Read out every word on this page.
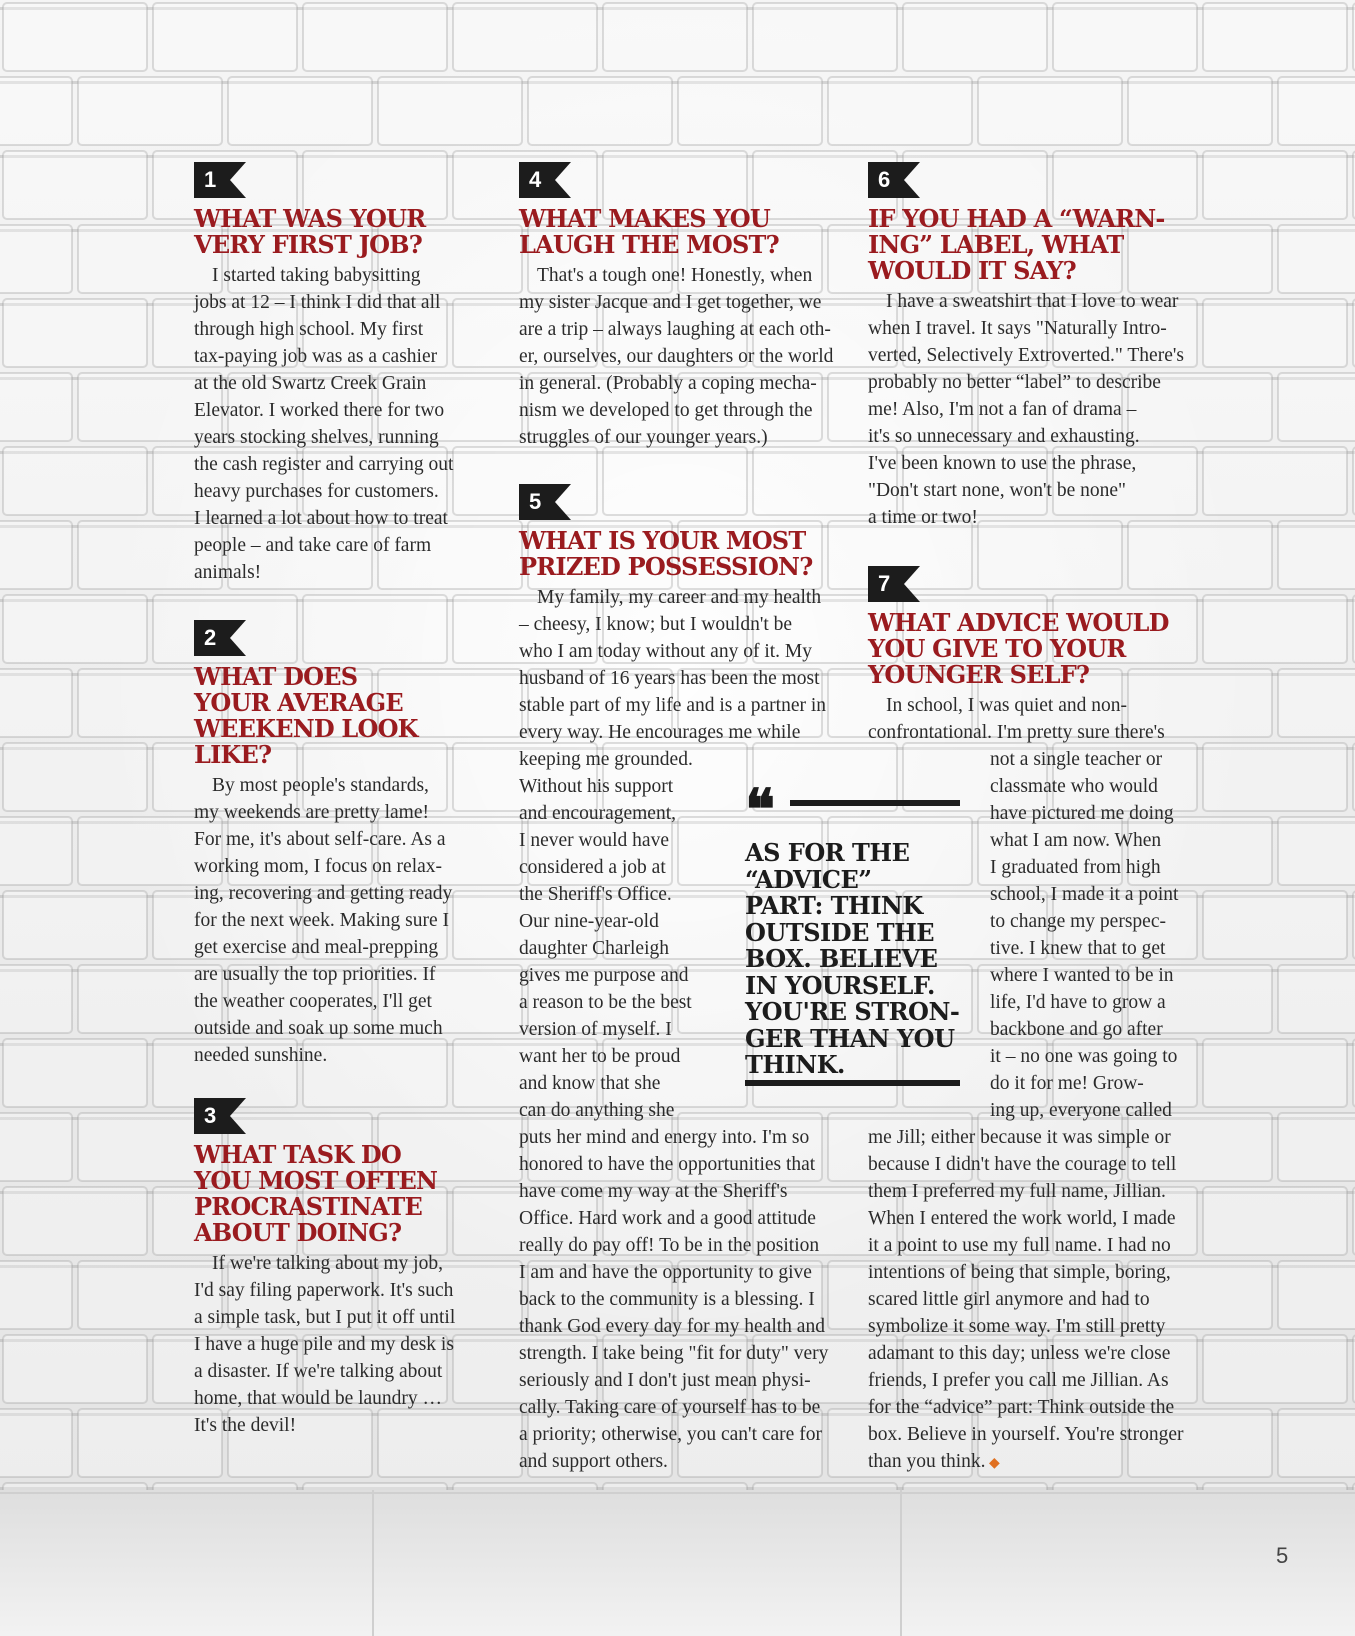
1
WHAT WAS YOUR VERY FIRST JOB?
I started taking babysitting
jobs at 12 – I think I did that all
through high school. My first
tax-paying job was as a cashier
at the old Swartz Creek Grain
Elevator. I worked there for two
years stocking shelves, running
the cash register and carrying out
heavy purchases for customers.
I learned a lot about how to treat
people – and take care of farm
animals!
2
WHAT DOES YOUR AVERAGE WEEKEND LOOK LIKE?
By most people's standards,
my weekends are pretty lame!
For me, it's about self-care. As a
working mom, I focus on relax-
ing, recovering and getting ready
for the next week. Making sure I
get exercise and meal-prepping
are usually the top priorities. If
the weather cooperates, I'll get
outside and soak up some much
needed sunshine.
3
WHAT TASK DO YOU MOST OFTEN PROCRASTINATE ABOUT DOING?
If we're talking about my job,
I'd say filing paperwork. It's such
a simple task, but I put it off until
I have a huge pile and my desk is
a disaster. If we're talking about
home, that would be laundry …
It's the devil!
4
WHAT MAKES YOU LAUGH THE MOST?
That's a tough one! Honestly, when
my sister Jacque and I get together, we
are a trip – always laughing at each oth-
er, ourselves, our daughters or the world
in general. (Probably a coping mecha-
nism we developed to get through the
struggles of our younger years.)
5
WHAT IS YOUR MOST PRIZED POSSESSION?
My family, my career and my health
– cheesy, I know; but I wouldn't be
who I am today without any of it. My
husband of 16 years has been the most
stable part of my life and is a partner in
every way. He encourages me while
keeping me grounded.
Without his support
and encouragement,
I never would have
considered a job at
the Sheriff's Office.
Our nine-year-old
daughter Charleigh
gives me purpose and
a reason to be the best
version of myself. I
want her to be proud
and know that she
can do anything she
puts her mind and energy into. I'm so
honored to have the opportunities that
have come my way at the Sheriff's
Office. Hard work and a good attitude
really do pay off! To be in the position
I am and have the opportunity to give
back to the community is a blessing. I
thank God every day for my health and
strength. I take being "fit for duty" very
seriously and I don't just mean physi-
cally. Taking care of yourself has to be
a priority; otherwise, you can't care for
and support others.
6
IF YOU HAD A “WARN-ING” LABEL, WHAT WOULD IT SAY?
I have a sweatshirt that I love to wear
when I travel. It says "Naturally Intro-
verted, Selectively Extroverted." There's
probably no better “label” to describe
me! Also, I'm not a fan of drama –
it's so unnecessary and exhausting.
I've been known to use the phrase,
"Don't start none, won't be none"
a time or two!
7
WHAT ADVICE WOULD YOU GIVE TO YOUR YOUNGER SELF?
In school, I was quiet and non-
confrontational. I'm pretty sure there's
not a single teacher or
classmate who would
have pictured me doing
what I am now. When
I graduated from high
school, I made it a point
to change my perspec-
tive. I knew that to get
where I wanted to be in
life, I'd have to grow a
backbone and go after
it – no one was going to
do it for me! Grow-
ing up, everyone called
me Jill; either because it was simple or
because I didn't have the courage to tell
them I preferred my full name, Jillian.
When I entered the work world, I made
it a point to use my full name. I had no
intentions of being that simple, boring,
scared little girl anymore and had to
symbolize it some way. I'm still pretty
adamant to this day; unless we're close
friends, I prefer you call me Jillian. As
for the “advice” part: Think outside the
box. Believe in yourself. You're stronger
than you think. ◆
❝
AS FOR THE
“ADVICE”
PART: THINK
OUTSIDE THE
BOX. BELIEVE
IN YOURSELF.
YOU'RE STRON-
GER THAN YOU
THINK.
5
